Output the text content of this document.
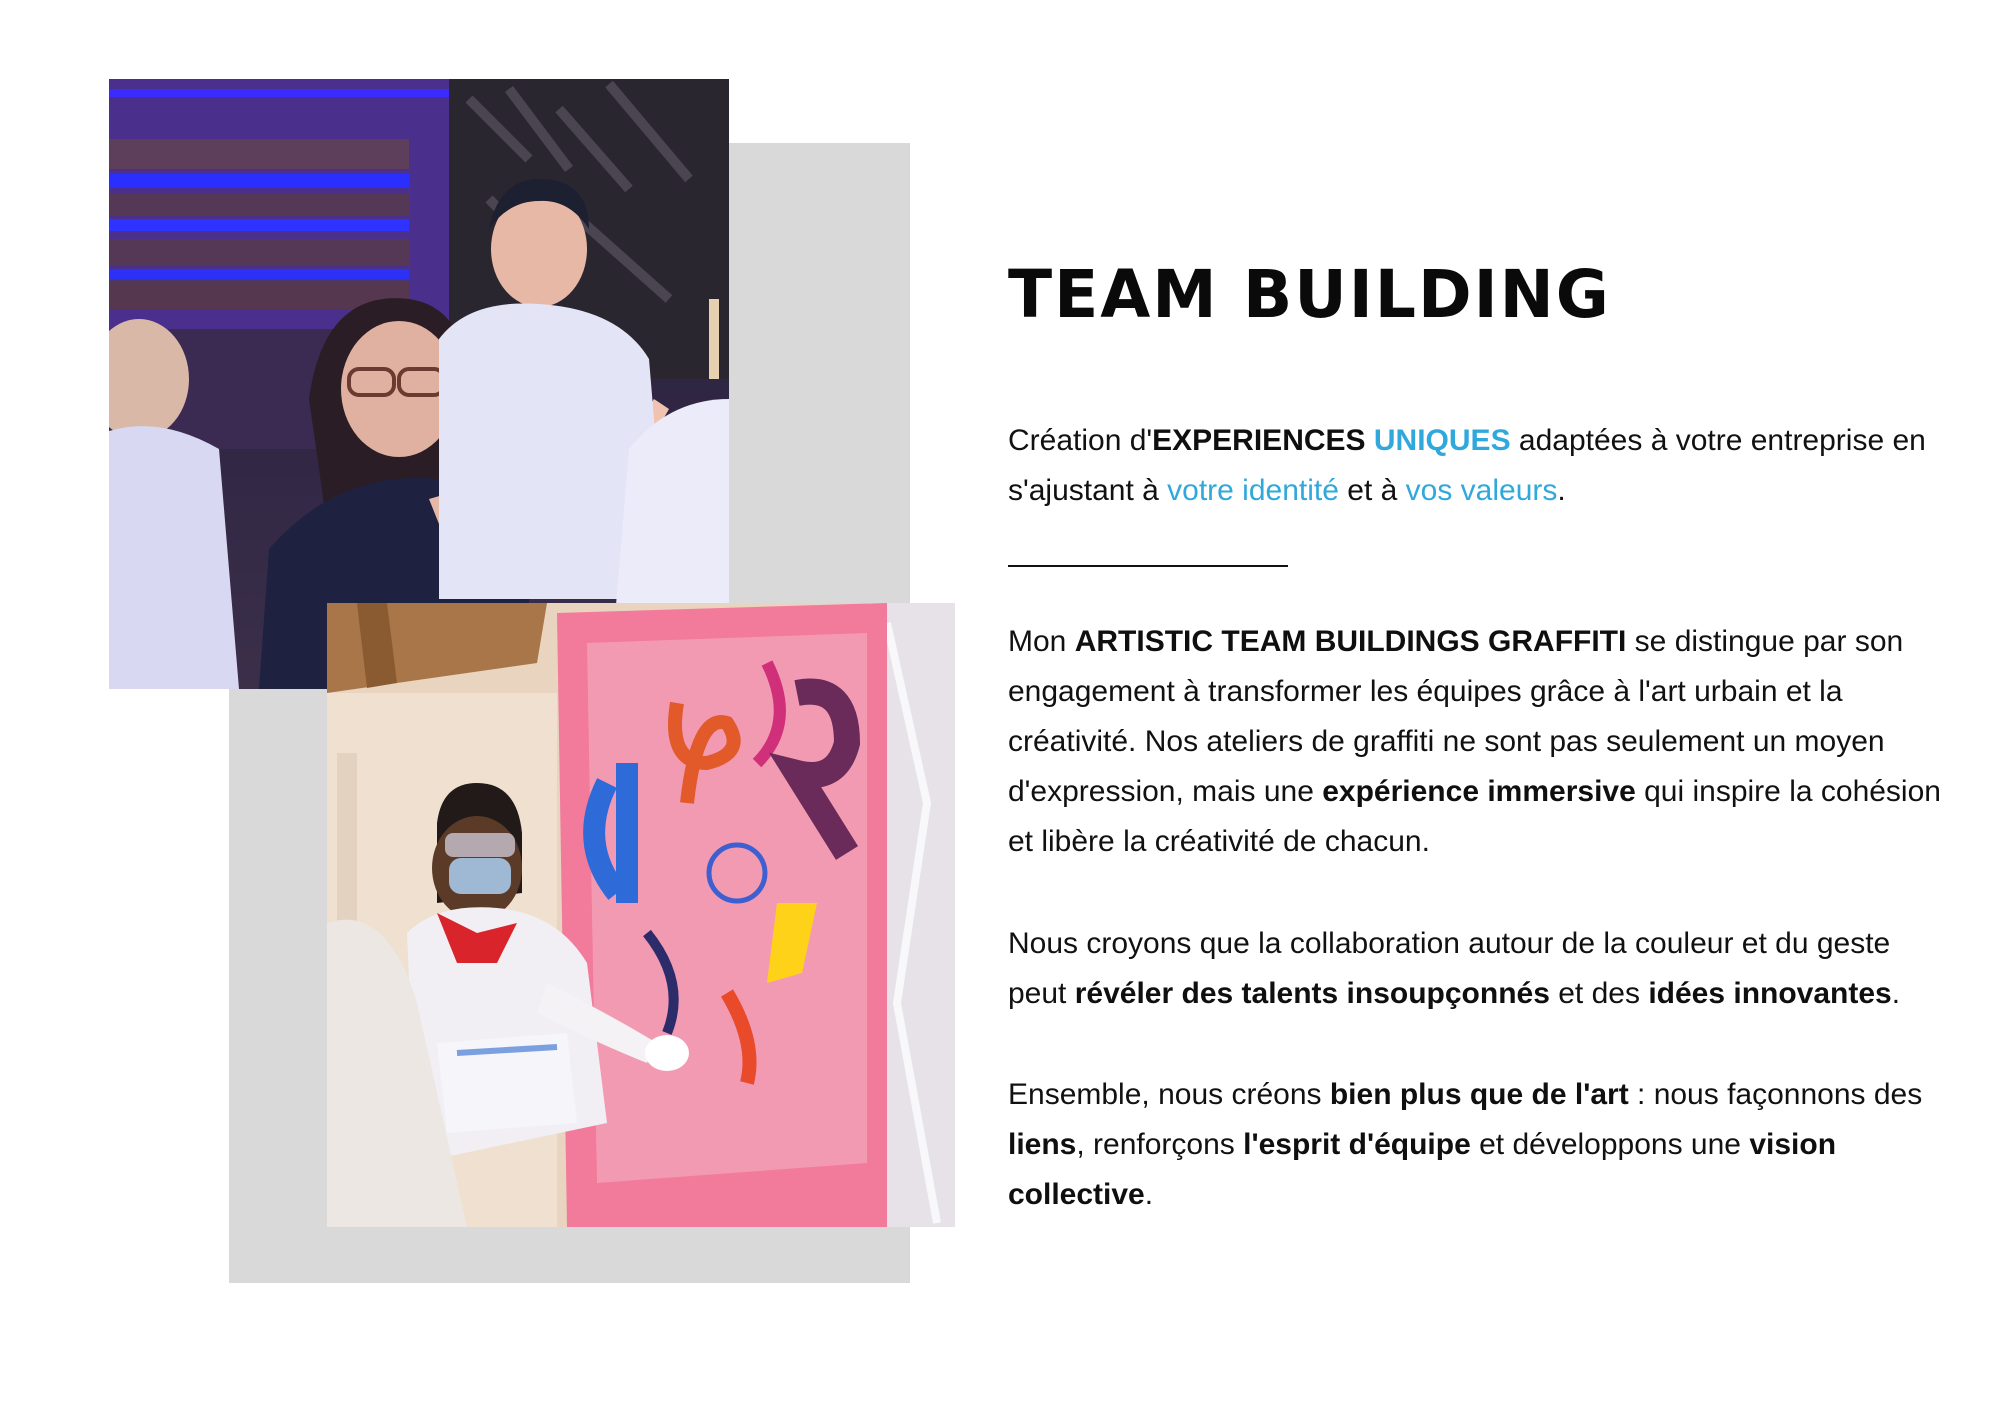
TEAM BUILDING

Création d'EXPERIENCES UNIQUES adaptées à votre entreprise en s'ajustant à votre identité et à vos valeurs.

Mon ARTISTIC TEAM BUILDINGS GRAFFITI se distingue par son engagement à transformer les équipes grâce à l'art urbain et la créativité. Nos ateliers de graffiti ne sont pas seulement un moyen d'expression, mais une expérience immersive qui inspire la cohésion et libère la créativité de chacun.

Nous croyons que la collaboration autour de la couleur et du geste peut révéler des talents insoupçonnés et des idées innovantes.

Ensemble, nous créons bien plus que de l'art : nous façonnons des liens, renforçons l'esprit d'équipe et développons une vision collective.
